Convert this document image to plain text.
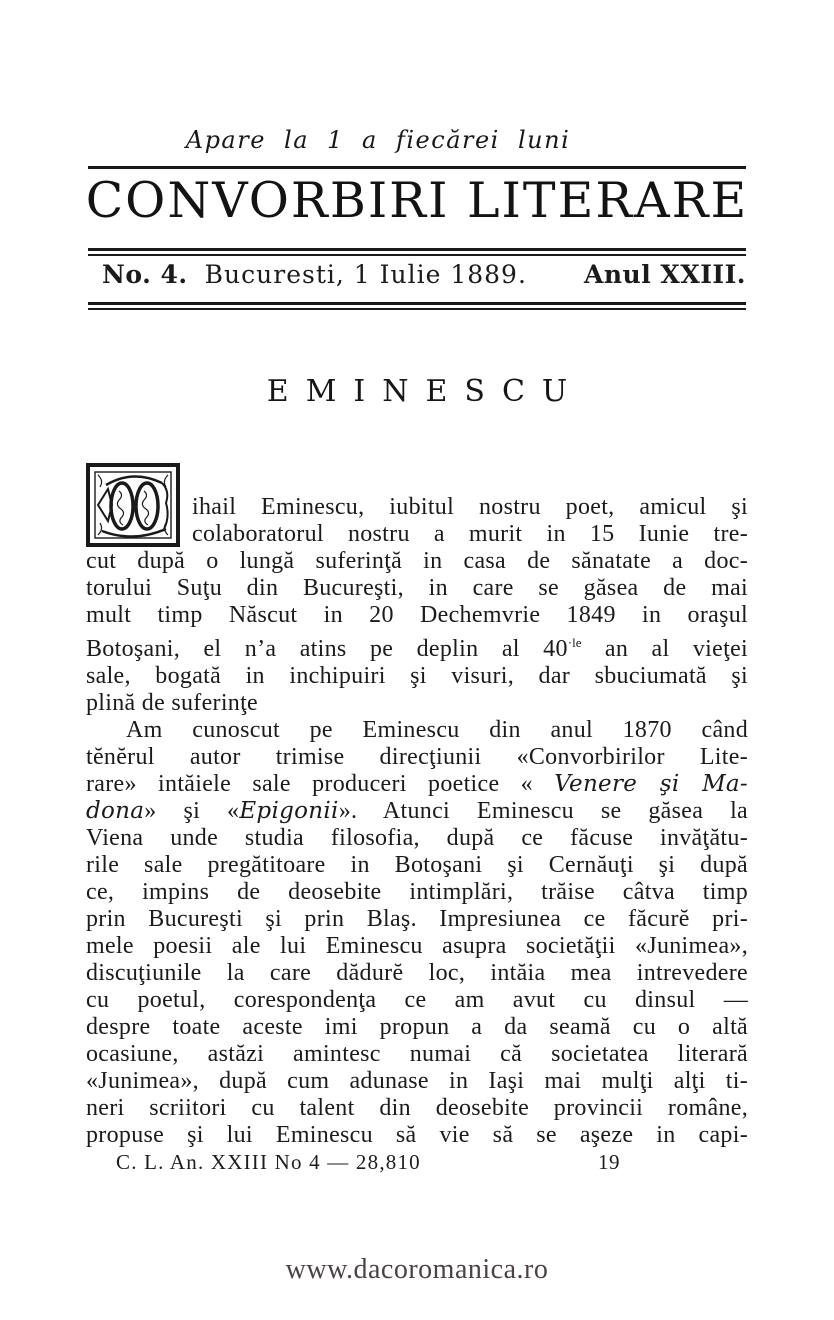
Apare la 1 a fiecărei luni
CONVORBIRI LITERARE
No. 4. Bucuresti, 1 Iulie 1889. Anul XXIII.
EMINESCU
ihail Eminescu, iubitul nostru poet, amicul şi
colaboratorul nostru a murit in 15 Iunie tre-
cut după o lungă suferinţă in casa de sănatate a doc-
torului Suţu din Bucureşti, in care se găsea de mai
mult timp Născut in 20 Dechemvrie 1849 in oraşul
Botoşani, el n’a atins pe deplin al $40^{\cdot le}$ an al vieţei
sale, bogată in inchipuiri şi visuri, dar sbuciumată şi
plină de suferinţe
Am cunoscut pe Eminescu din anul 1870 când
tĕnĕrul autor trimise direcţiunii «Convorbirilor Lite-
rare» intăiele sale produceri poetice « Venere şi Ma-
dona» şi «Epigonii». Atunci Eminescu se găsea la
Viena unde studia filosofia, după ce făcuse invăţătu-
rile sale pregătitoare in Botoşani şi Cernăuţi şi după
ce, impins de deosebite intimplări, trăise câtva timp
prin Bucureşti şi prin Blaş. Impresiunea ce făcurĕ pri-
mele poesii ale lui Eminescu asupra societăţii «Junimea»,
discuţiunile la care dădurĕ loc, intăia mea intrevedere
cu poetul, corespondenţa ce am avut cu dinsul —
despre toate aceste imi propun a da seamă cu o altă
ocasiune, astăzi amintesc numai că societatea literară
«Junimea», după cum adunase in Iaşi mai mulţi alţi ti-
neri scriitori cu talent din deosebite provincii române,
propuse şi lui Eminescu să vie să se aşeze in capi-
C. L. An. XXIII No 4 — 28,810	19
www.dacoromanica.ro
